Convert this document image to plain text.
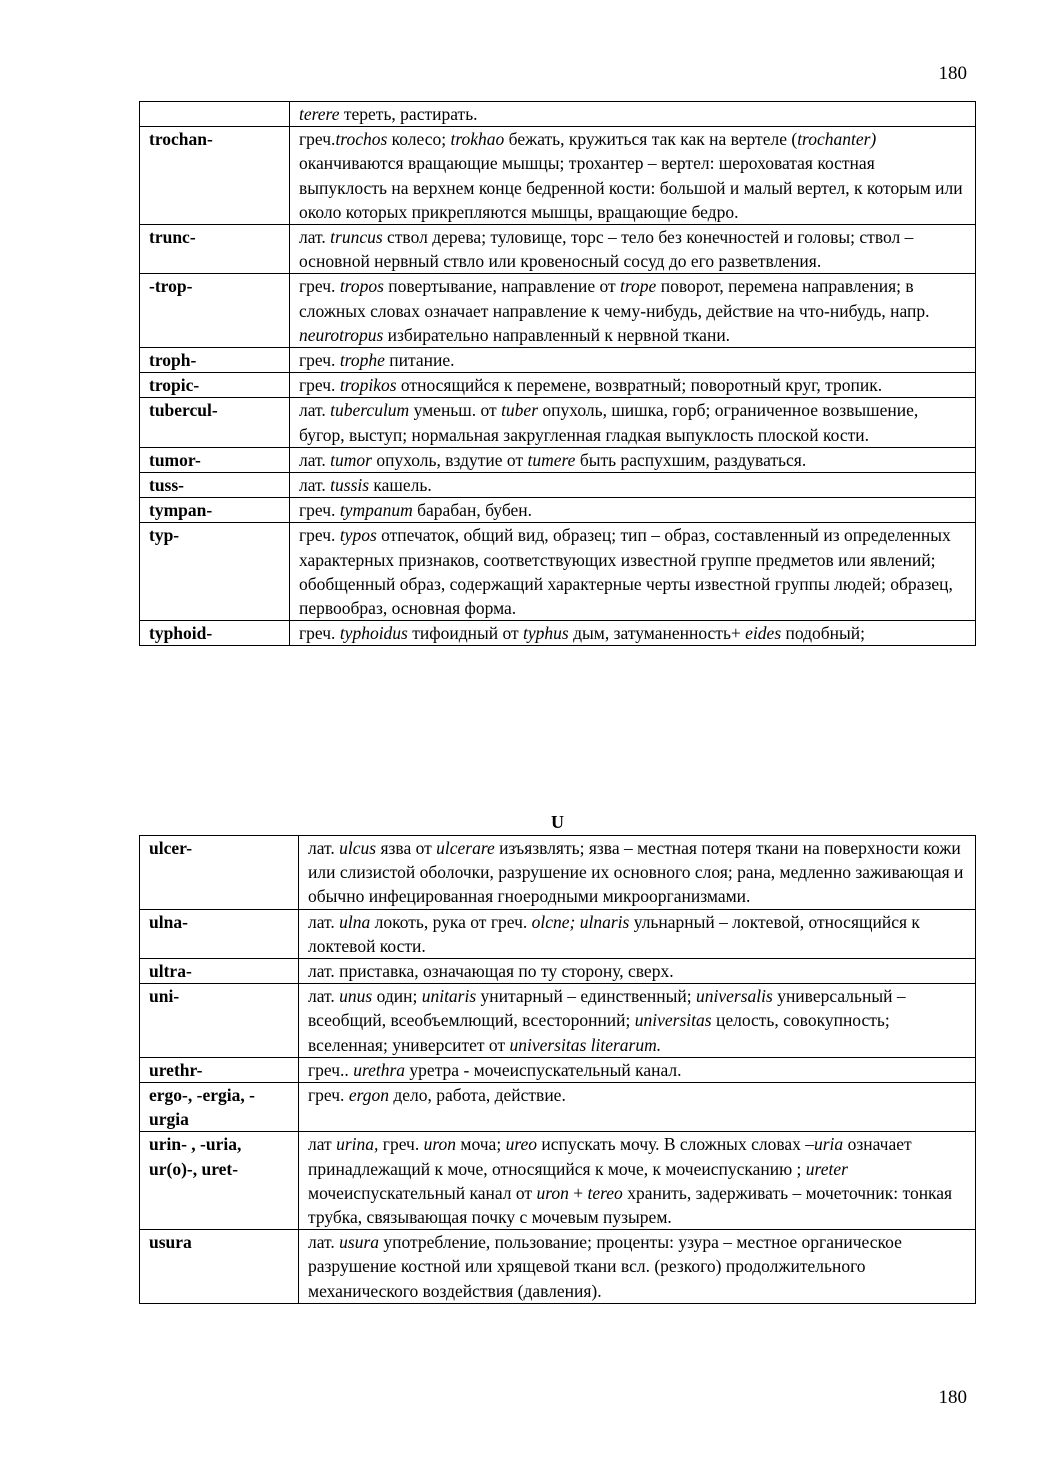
180
	terere тереть, растирать.
trochan-	греч.trochos колесо; trokhao бежать, кружиться так как на вертеле (trochanter) оканчиваются вращающие мышцы; трохантер – вертел: шероховатая костная выпуклость на верхнем конце бедренной кости: большой и малый вертел, к которым или около которых прикрепляются мышцы, вращающие бедро.
trunc-	лат. truncus ствол дерева; туловище, торс – тело без конечностей и головы; ствол – основной нервный ствло или кровеносный сосуд до его разветвления.
-trop-	греч. tropos повертывание, направление от trope поворот, перемена направления; в сложных словах означает направление к чему-нибудь, действие на что-нибудь, напр. neurotropus избирательно направленный к нервной ткани.
troph-	греч. trophe питание.
tropic-	греч. tropikos относящийся к перемене, возвратный; поворотный круг, тропик.
tubercul-	лат. tuberculum уменьш. от tuber опухоль, шишка, горб; ограниченное возвышение, бугор, выступ; нормальная закругленная гладкая выпуклость плоской кости.
tumor-	лат. tumor опухоль, вздутие от tumere быть распухшим, раздуваться.
tuss-	лат. tussis кашель.
tympan-	греч. tympanum барабан, бубен.
typ-	греч. typos отпечаток, общий вид, образец; тип – образ, составленный из определенных характерных признаков, соответствующих известной группе предметов или явлений; обобщенный образ, содержащий характерные черты известной группы людей; образец, первообраз, основная форма.
typhoid-	греч. typhoidus тифоидный от typhus дым, затуманенность+ eides подобный;
U
ulcer-	лат. ulcus язва от ulcerare изъязвлять; язва – местная потеря ткани на поверхности кожи или слизистой оболочки, разрушение их основного слоя; рана, медленно заживающая и обычно инфецированная гноеродными микроорганизмами.
ulna-	лат. ulna локоть, рука от греч. olcne; ulnaris ульнарный – локтевой, относящийся к локтевой кости.
ultra-	лат. приставка, означающая по ту сторону, сверх.
uni-	лат. unus один; unitaris унитарный – единственный; universalis универсальный – всеобщий, всеобъемлющий, всесторонний; universitas целость, совокупность; вселенная; университет от universitas literarum.
urethr-	греч.. urethra уретра - мочеиспускательный канал.
ergo-, -ergia, -urgia	греч. ergon дело, работа, действие.
urin- , -uria, ur(o)-, uret-	лат urina, греч. uron моча; ureo испускать мочу. В сложных словах –uria означает принадлежащий к моче, относящийся к моче, к мочеиспусканию ; ureter мочеиспускательный канал от uron + tereo хранить, задерживать – мочеточник: тонкая трубка, связывающая почку с мочевым пузырем.
usura	лат. usura употребление, пользование; проценты: узура – местное органическое разрушение костной или хрящевой ткани всл. (резкого) продолжительного механического воздействия (давления).
180
